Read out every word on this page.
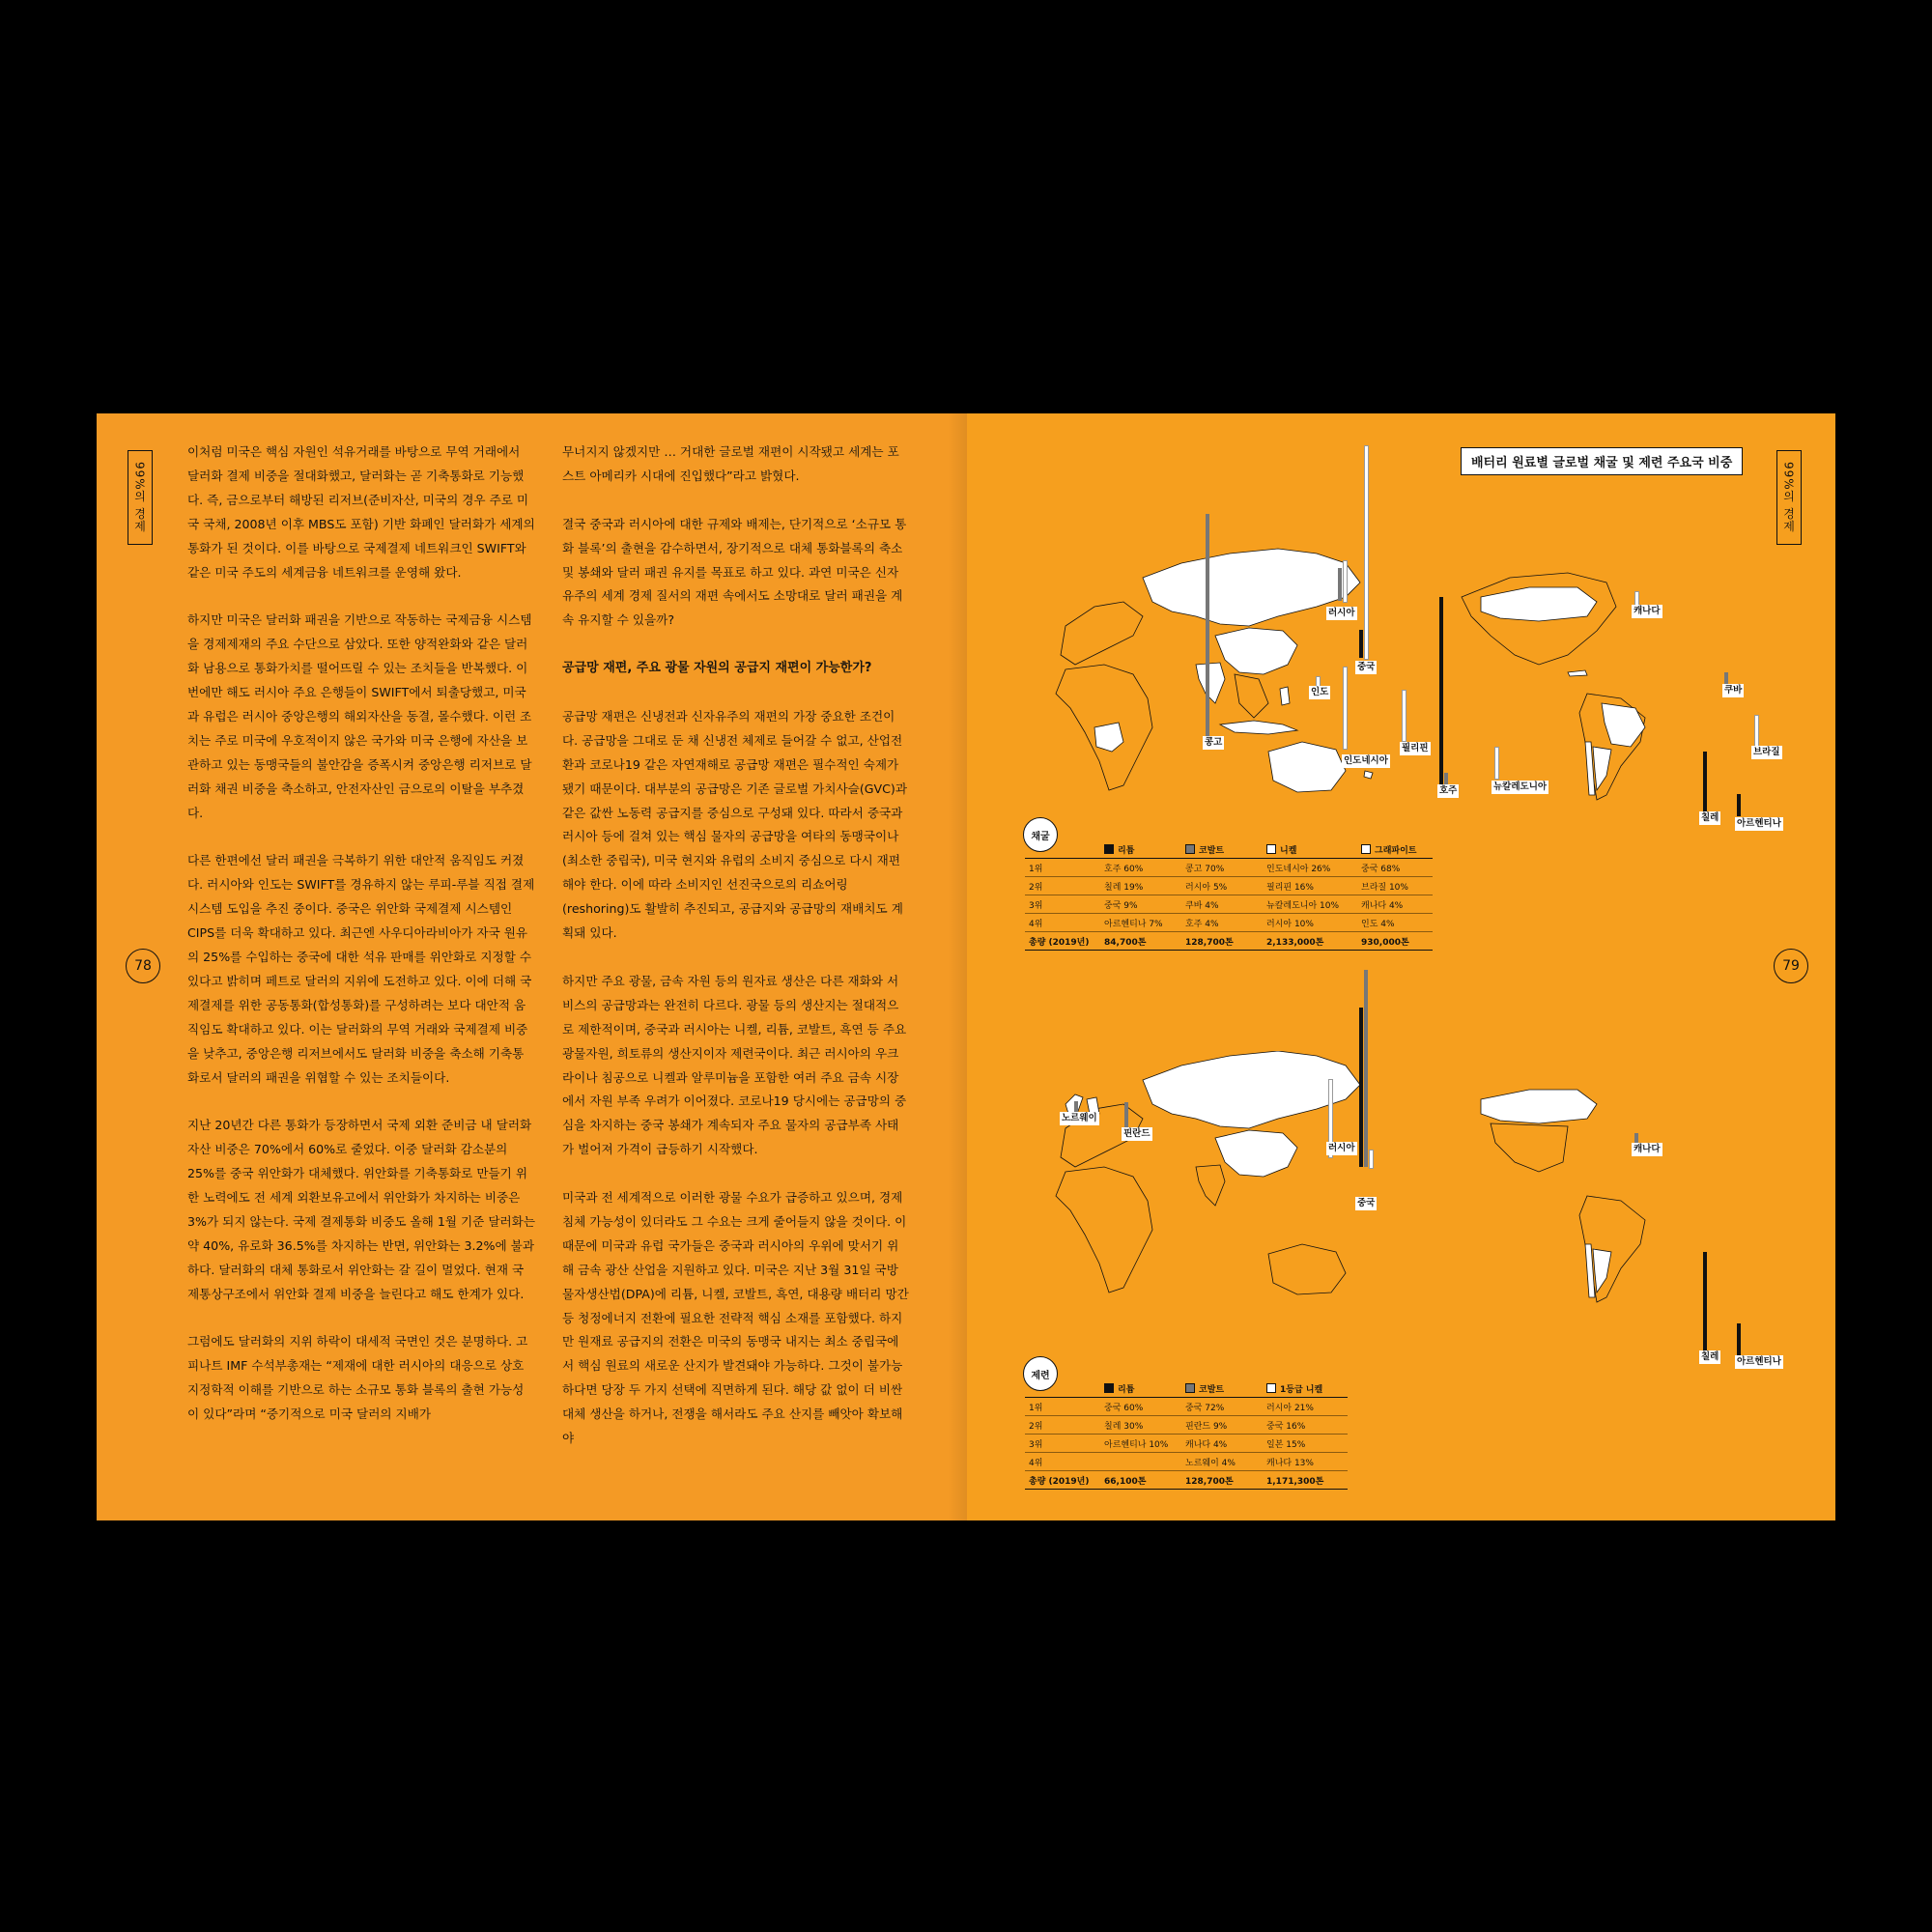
99%의 경제
78

이처럼 미국은 핵심 자원인 석유거래를 바탕으로 무역 거래에서 달러화 결제 비중을 절대화했고, 달러화는 곧 기축통화로 기능했다. 즉, 금으로부터 해방된 리저브(준비자산, 미국의 경우 주로 미국 국채, 2008년 이후 MBS도 포함) 기반 화폐인 달러화가 세계의 통화가 된 것이다. 이를 바탕으로 국제결제 네트워크인 SWIFT와 같은 미국 주도의 세계금융 네트워크를 운영해 왔다.

하지만 미국은 달러화 패권을 기반으로 작동하는 국제금융 시스템을 경제제재의 주요 수단으로 삼았다. 또한 양적완화와 같은 달러화 남용으로 통화가치를 떨어뜨릴 수 있는 조치들을 반복했다. 이번에만 해도 러시아 주요 은행들이 SWIFT에서 퇴출당했고, 미국과 유럽은 러시아 중앙은행의 해외자산을 동결, 몰수했다. 이런 조치는 주로 미국에 우호적이지 않은 국가와 미국 은행에 자산을 보관하고 있는 동맹국들의 불안감을 증폭시켜 중앙은행 리저브로 달러화 채권 비중을 축소하고, 안전자산인 금으로의 이탈을 부추겼다.

다른 한편에선 달러 패권을 극복하기 위한 대안적 움직임도 커졌다. 러시아와 인도는 SWIFT를 경유하지 않는 루피-루블 직접 결제 시스템 도입을 추진 중이다. 중국은 위안화 국제결제 시스템인 CIPS를 더욱 확대하고 있다. 최근엔 사우디아라비아가 자국 원유의 25%를 수입하는 중국에 대한 석유 판매를 위안화로 지정할 수 있다고 밝히며 페트로 달러의 지위에 도전하고 있다. 이에 더해 국제결제를 위한 공동통화(합성통화)를 구성하려는 보다 대안적 움직임도 확대하고 있다. 이는 달러화의 무역 거래와 국제결제 비중을 낮추고, 중앙은행 리저브에서도 달러화 비중을 축소해 기축통화로서 달러의 패권을 위협할 수 있는 조치들이다.

지난 20년간 다른 통화가 등장하면서 국제 외환 준비금 내 달러화 자산 비중은 70%에서 60%로 줄었다. 이중 달러화 감소분의 25%를 중국 위안화가 대체했다. 위안화를 기축통화로 만들기 위한 노력에도 전 세계 외환보유고에서 위안화가 차지하는 비중은 3%가 되지 않는다. 국제 결제통화 비중도 올해 1월 기준 달러화는 약 40%, 유로화 36.5%를 차지하는 반면, 위안화는 3.2%에 불과하다. 달러화의 대체 통화로서 위안화는 갈 길이 멀었다. 현재 국제통상구조에서 위안화 결제 비중을 늘린다고 해도 한계가 있다.

그럼에도 달러화의 지위 하락이 대세적 국면인 것은 분명하다. 고피나트 IMF 수석부총재는 “제재에 대한 러시아의 대응으로 상호 지정학적 이해를 기반으로 하는 소규모 통화 블록의 출현 가능성이 있다”라며 “중기적으로 미국 달러의 지배가

무너지지 않겠지만 … 거대한 글로벌 재편이 시작됐고 세계는 포스트 아메리카 시대에 진입했다”라고 밝혔다.

결국 중국과 러시아에 대한 규제와 배제는, 단기적으로 ‘소규모 통화 블록’의 출현을 감수하면서, 장기적으로 대체 통화블록의 축소 및 봉쇄와 달러 패권 유지를 목표로 하고 있다. 과연 미국은 신자유주의 세계 경제 질서의 재편 속에서도 소망대로 달러 패권을 계속 유지할 수 있을까?

공급망 재편, 주요 광물 자원의 공급지 재편이 가능한가?

공급망 재편은 신냉전과 신자유주의 재편의 가장 중요한 조건이다. 공급망을 그대로 둔 채 신냉전 체제로 들어갈 수 없고, 산업전환과 코로나19 같은 자연재해로 공급망 재편은 필수적인 숙제가 됐기 때문이다. 대부분의 공급망은 기존 글로벌 가치사슬(GVC)과 같은 값싼 노동력 공급지를 중심으로 구성돼 있다. 따라서 중국과 러시아 등에 걸쳐 있는 핵심 물자의 공급망을 여타의 동맹국이나(최소한 중립국), 미국 현지와 유럽의 소비지 중심으로 다시 재편해야 한다. 이에 따라 소비지인 선진국으로의 리쇼어링(reshoring)도 활발히 추진되고, 공급지와 공급망의 재배치도 계획돼 있다.

하지만 주요 광물, 금속 자원 등의 원자료 생산은 다른 재화와 서비스의 공급망과는 완전히 다르다. 광물 등의 생산지는 절대적으로 제한적이며, 중국과 러시아는 니켈, 리튬, 코발트, 흑연 등 주요 광물자원, 희토류의 생산지이자 제련국이다. 최근 러시아의 우크라이나 침공으로 니켈과 알루미늄을 포함한 여러 주요 금속 시장에서 자원 부족 우려가 이어졌다. 코로나19 당시에는 공급망의 중심을 차지하는 중국 봉쇄가 계속되자 주요 물자의 공급부족 사태가 벌어져 가격이 급등하기 시작했다.

미국과 전 세계적으로 이러한 광물 수요가 급증하고 있으며, 경제 침체 가능성이 있더라도 그 수요는 크게 줄어들지 않을 것이다. 이 때문에 미국과 유럽 국가들은 중국과 러시아의 우위에 맞서기 위해 금속 광산 산업을 지원하고 있다. 미국은 지난 3월 31일 국방물자생산법(DPA)에 리튬, 니켈, 코발트, 흑연, 대용량 배터리 망간 등 청정에너지 전환에 필요한 전략적 핵심 소재를 포함했다. 하지만 원재료 공급지의 전환은 미국의 동맹국 내지는 최소 중립국에서 핵심 원료의 새로운 산지가 발견돼야 가능하다. 그것이 불가능하다면 당장 두 가지 선택에 직면하게 된다. 해당 값 없이 더 비싼 대체 생산을 하거나, 전쟁을 해서라도 주요 산지를 빼앗아 확보해야

99%의 경제
79
배터리 원료별 글로벌 채굴 및 제련 주요국 비중
러시아
중국
인도
콩고
인도네시아
필리핀
호주	뉴칼레도니아
캐나다
쿠바
브라질
칠레
아르헨티나
채굴
	리튬	코발트	니켈	그래파이트
1위	호주 60%	콩고 70%	인도네시아 26%	중국 68%
2위	칠레 19%	러시아 5%	필리핀 16%	브라질 10%
3위	중국 9%	쿠바 4%	뉴칼레도니아 10%	캐나다 4%
4위	아르헨티나 7%	호주 4%	러시아 10%	인도 4%
총량 (2019년)	84,700톤	128,700톤	2,133,000톤	930,000톤
노르웨이
핀란드
러시아
중국
캐나다
칠레 아르헨티나
제련
	리튬	코발트	1등급 니켈
1위	중국 60%	중국 72%	러시아 21%
2위	칠레 30%	핀란드 9%	중국 16%
3위	아르헨티나 10%	캐나다 4%	일본 15%
4위		노르웨이 4%	캐나다 13%
총량 (2019년)	66,100톤	128,700톤	1,171,300톤
